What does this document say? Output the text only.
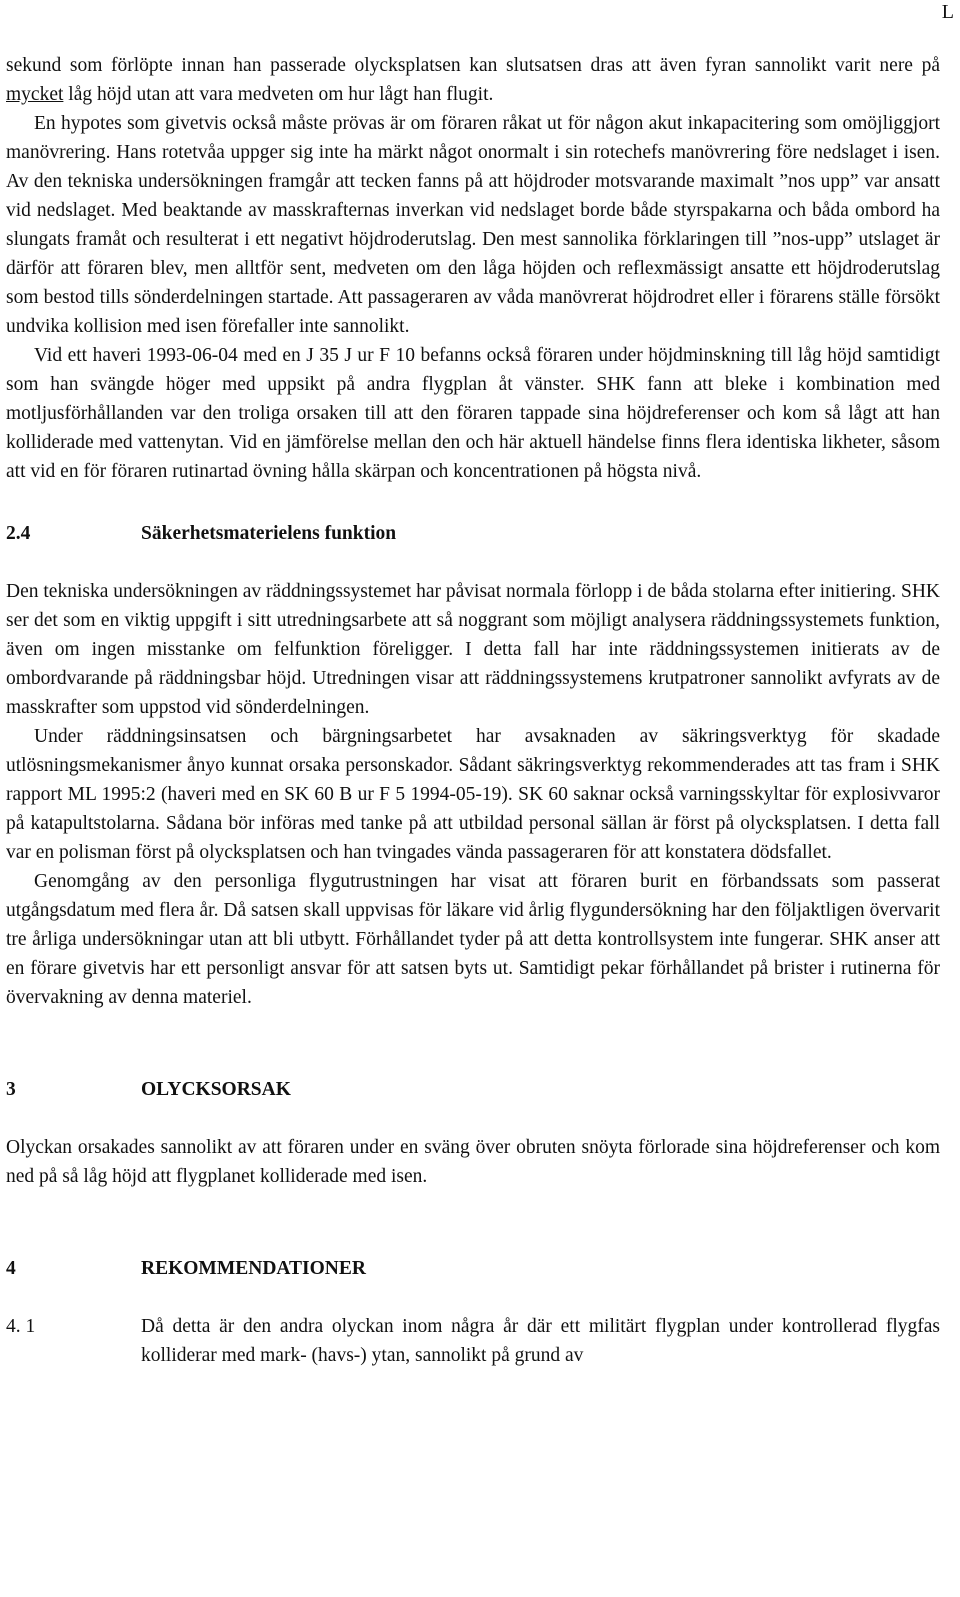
L

sekund som förlöpte innan han passerade olycksplatsen kan slutsatsen dras att även fyran sannolikt varit nere på mycket låg höjd utan att vara medveten om hur lågt han flugit.

En hypotes som givetvis också måste prövas är om föraren råkat ut för någon akut inkapacitering som omöjliggjort manövrering. Hans rotetvåa uppger sig inte ha märkt något onormalt i sin rotechefs manövrering före nedslaget i isen. Av den tekniska undersökningen framgår att tecken fanns på att höjdroder motsvarande maximalt ”nos upp” var ansatt vid nedslaget. Med beaktande av masskrafternas inverkan vid nedslaget borde både styrspakarna och båda ombord ha slungats framåt och resulterat i ett negativt höjdroderutslag. Den mest sannolika förklaringen till ”nos-upp” utslaget är därför att föraren blev, men alltför sent, medveten om den låga höjden och reflexmässigt ansatte ett höjdroderutslag som bestod tills sönderdelningen startade. Att passageraren av våda manövrerat höjdrodret eller i förarens ställe försökt undvika kollision med isen förefaller inte sannolikt.

Vid ett haveri 1993-06-04 med en J 35 J ur F 10 befanns också föraren under höjdminskning till låg höjd samtidigt som han svängde höger med uppsikt på andra flygplan åt vänster. SHK fann att bleke i kombination med motljusförhållanden var den troliga orsaken till att den föraren tappade sina höjdreferenser och kom så lågt att han kolliderade med vattenytan. Vid en jämförelse mellan den och här aktuell händelse finns flera identiska likheter, såsom att vid en för föraren rutinartad övning hålla skärpan och koncentrationen på högsta nivå.

2.4	Säkerhetsmaterielens funktion

Den tekniska undersökningen av räddningssystemet har påvisat normala förlopp i de båda stolarna efter initiering. SHK ser det som en viktig uppgift i sitt utredningsarbete att så noggrant som möjligt analysera räddningssystemets funktion, även om ingen misstanke om felfunktion föreligger. I detta fall har inte räddningssystemen initierats av de ombordvarande på räddningsbar höjd. Utredningen visar att räddningssystemens krutpatroner sannolikt avfyrats av de masskrafter som uppstod vid sönderdelningen.

Under räddningsinsatsen och bärgningsarbetet har avsaknaden av säkringsverktyg för skadade utlösningsmekanismer ånyo kunnat orsaka personskador. Sådant säkringsverktyg rekommenderades att tas fram i SHK rapport ML 1995:2 (haveri med en SK 60 B ur F 5 1994-05-19). SK 60 saknar också varningsskyltar för explosivvaror på katapultstolarna. Sådana bör införas med tanke på att utbildad personal sällan är först på olycksplatsen. I detta fall var en polisman först på olycksplatsen och han tvingades vända passageraren för att konstatera dödsfallet.

Genomgång av den personliga flygutrustningen har visat att föraren burit en förbandssats som passerat utgångsdatum med flera år. Då satsen skall uppvisas för läkare vid årlig flygundersökning har den följaktligen övervarit tre årliga undersökningar utan att bli utbytt. Förhållandet tyder på att detta kontrollsystem inte fungerar. SHK anser att en förare givetvis har ett personligt ansvar för att satsen byts ut. Samtidigt pekar förhållandet på brister i rutinerna för övervakning av denna materiel.

3	OLYCKSORSAK

Olyckan orsakades sannolikt av att föraren under en sväng över obruten snöyta förlorade sina höjdreferenser och kom ned på så låg höjd att flygplanet kolliderade med isen.

4	REKOMMENDATIONER
4. 1	Då detta är den andra olyckan inom några år där ett militärt flygplan under kontrollerad flygfas kolliderar med mark- (havs-) ytan, sannolikt på grund av
